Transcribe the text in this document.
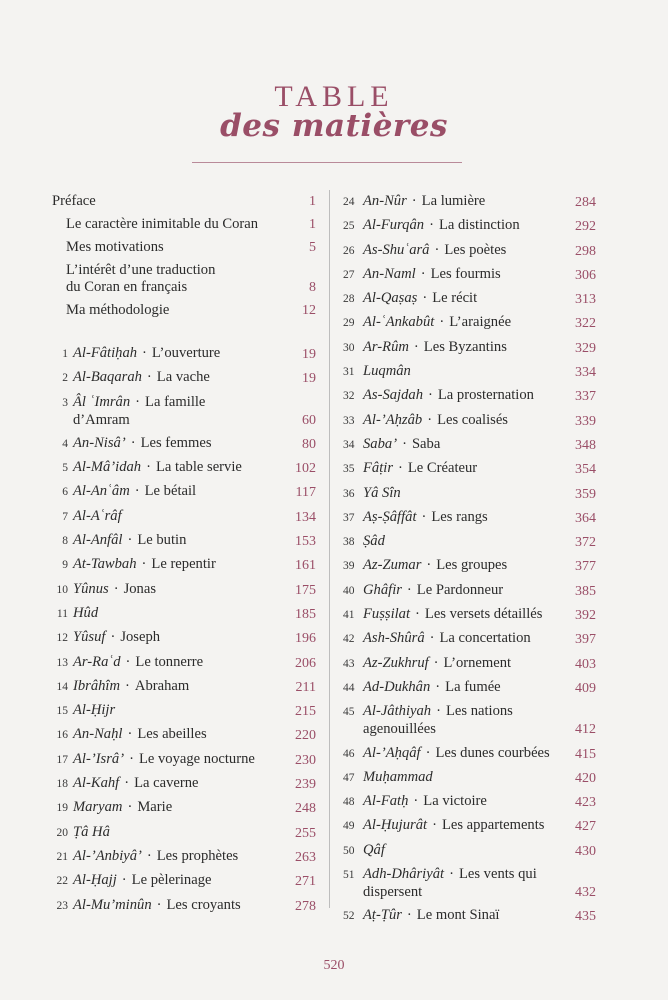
TABLE
des matières
Préface	1
Le caractère inimitable du Coran	1
Mes motivations	5
L’intérêt d’une traduction
du Coran en français	8
Ma méthodologie	12
1 Al-Fâtiḥah · L’ouverture	19
2 Al-Baqarah · La vache	19
3 Âl ʿImrân · La famille
d’Amram	60
4 An-Nisâ’ · Les femmes	80
5 Al-Mâ’idah · La table servie	102
6 Al-Anʿâm · Le bétail	117
7 Al-Aʿrâf	134
8 Al-Anfâl · Le butin	153
9 At-Tawbah · Le repentir	161
10 Yûnus · Jonas	175
11 Hûd	185
12 Yûsuf · Joseph	196
13 Ar-Raʿd · Le tonnerre	206
14 Ibrâhîm · Abraham	211
15 Al-Ḥijr	215
16 An-Naḥl · Les abeilles	220
17 Al-’Isrâ’ · Le voyage nocturne	230
18 Al-Kahf · La caverne	239
19 Maryam · Marie	248
20 Ṭâ Hâ	255
21 Al-’Anbiyâ’ · Les prophètes	263
22 Al-Ḥajj · Le pèlerinage	271
23 Al-Mu’minûn · Les croyants	278
24 An-Nûr · La lumière	284
25 Al-Furqân · La distinction	292
26 As-Shuʿarâ · Les poètes	298
27 An-Naml · Les fourmis	306
28 Al-Qaṣaṣ · Le récit	313
29 Al-ʿAnkabût · L’araignée	322
30 Ar-Rûm · Les Byzantins	329
31 Luqmân	334
32 As-Sajdah · La prosternation	337
33 Al-’Aḥzâb · Les coalisés	339
34 Saba’ · Saba	348
35 Fâṭir · Le Créateur	354
36 Yâ Sîn	359
37 Aṣ-Ṣâffât · Les rangs	364
38 Ṣâd	372
39 Az-Zumar · Les groupes	377
40 Ghâfir · Le Pardonneur	385
41 Fuṣṣilat · Les versets détaillés	392
42 Ash-Shûrâ · La concertation	397
43 Az-Zukhruf · L’ornement	403
44 Ad-Dukhân · La fumée	409
45 Al-Jâthiyah · Les nations
agenouillées	412
46 Al-’Aḥqâf · Les dunes courbées	415
47 Muḥammad	420
48 Al-Fatḥ · La victoire	423
49 Al-Ḥujurât · Les appartements	427
50 Qâf	430
51 Adh-Dhâriyât · Les vents qui
dispersent	432
52 Aṭ-Ṭûr · Le mont Sinaï	435
520
